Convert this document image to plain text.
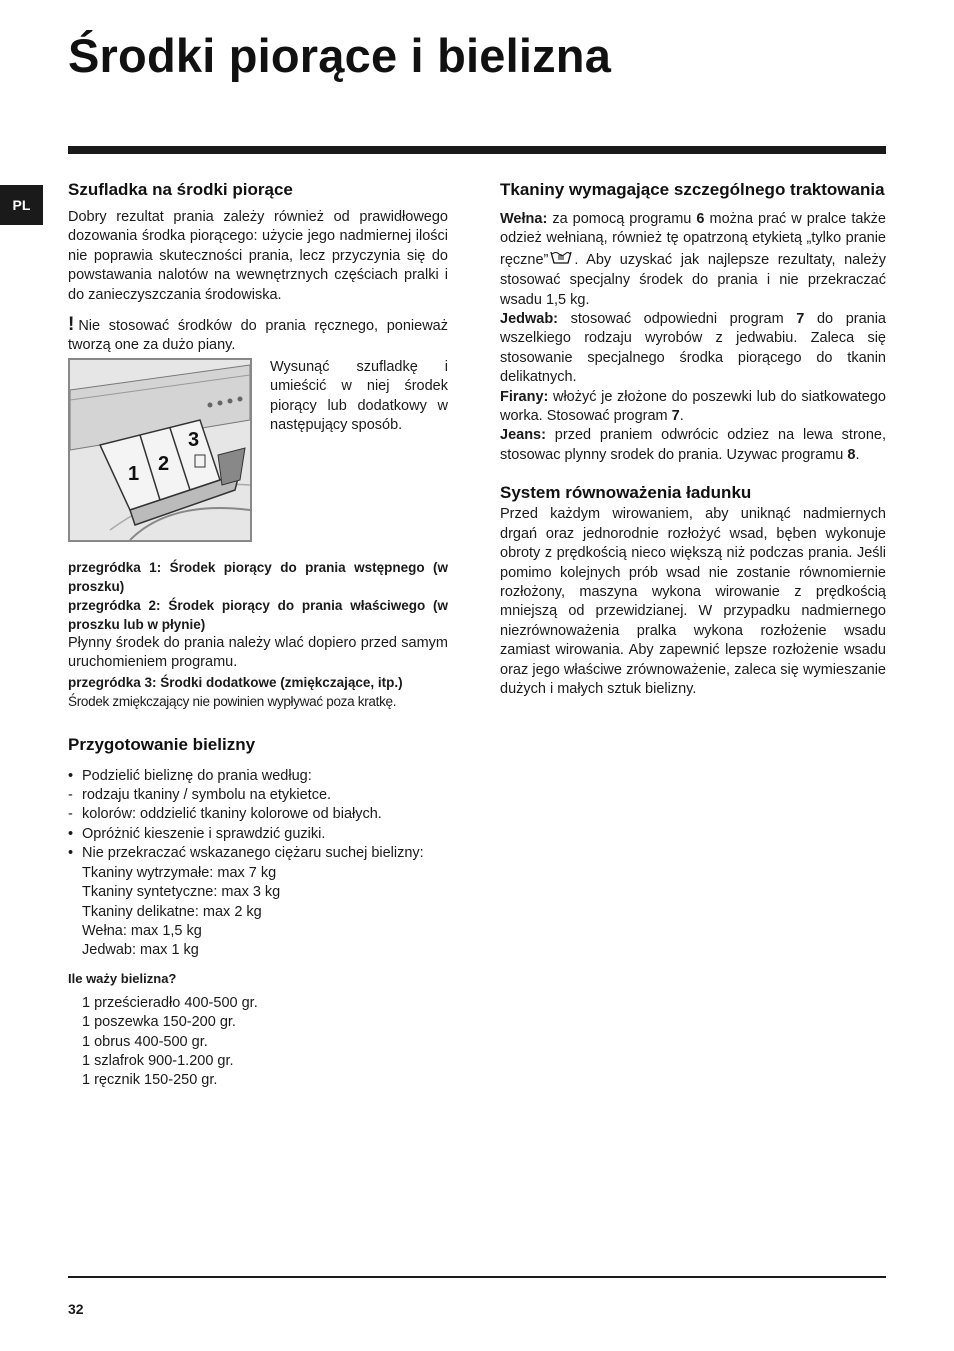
Środki piorące i bielizna
PL
Szufladka na środki piorące

Dobry rezultat prania zależy również od prawidłowego dozowania środka piorącego: użycie jego nadmiernej ilości nie poprawia skuteczności prania, lecz przyczynia się do powstawania nalotów na wewnętrznych częściach pralki i do zanieczyszczania środowiska.

! Nie stosować środków do prania ręcznego, ponieważ tworzą one za dużo piany.

1 2
3

Wysunąć szufladkę i umieścić w niej środek piorący lub dodatkowy w następujący sposób.

przegródka 1: Środek piorący do prania wstępnego (w proszku)

przegródka 2: Środek piorący do prania właściwego (w proszku lub w płynie)

Płynny środek do prania należy wlać dopiero przed samym uruchomieniem programu.

przegródka 3: Środki dodatkowe (zmiękczające, itp.)

Środek zmiękczający nie powinien wypływać poza kratkę.

Przygotowanie bielizny
• Podzielić bieliznę do prania według:
- rodzaju tkaniny / symbolu na etykietce.
- kolorów: oddzielić tkaniny kolorowe od białych.
• Opróżnić kieszenie i sprawdzić guziki.
• Nie przekraczać wskazanego ciężaru suchej bielizny:

Tkaniny wytrzymałe: max 7 kg

Tkaniny syntetyczne: max 3 kg

Tkaniny delikatne: max 2 kg

Wełna: max 1,5 kg

Jedwab: max 1 kg

Ile waży bielizna?
1 prześcieradło 400-500 gr.
1 poszewka 150-200 gr.
1 obrus 400-500 gr.
1 szlafrok 900-1.200 gr.
1 ręcznik 150-250 gr.
Tkaniny wymagające szczególnego traktowania

Wełna: za pomocą programu 6 można prać w pralce także odzież wełnianą, również tę opatrzoną etykietą „tylko pranie ręczne” . Aby uzyskać jak najlepsze rezultaty, należy stosować specjalny środek do prania i nie przekraczać wsadu 1,5 kg.

Jedwab: stosować odpowiedni program 7 do prania wszelkiego rodzaju wyrobów z jedwabiu. Zaleca się stosowanie specjalnego środka piorącego do tkanin delikatnych.

Firany: włożyć je złożone do poszewki lub do siatkowatego worka. Stosować program 7.

Jeans: przed praniem odwrócic odziez na lewa strone, stosowac plynny srodek do prania. Uzywac programu 8.

System równoważenia ładunku

Przed każdym wirowaniem, aby uniknąć nadmiernych drgań oraz jednorodnie rozłożyć wsad, bęben wykonuje obroty z prędkością nieco większą niż podczas prania. Jeśli pomimo kolejnych prób wsad nie zostanie równomiernie rozłożony, maszyna wykona wirowanie z prędkością mniejszą od przewidzianej. W przypadku nadmiernego niezrównoważenia pralka wykona rozłożenie wsadu zamiast wirowania. Aby zapewnić lepsze rozłożenie wsadu oraz jego właściwe zrównoważenie, zaleca się wymieszanie dużych i małych sztuk bielizny.

32
